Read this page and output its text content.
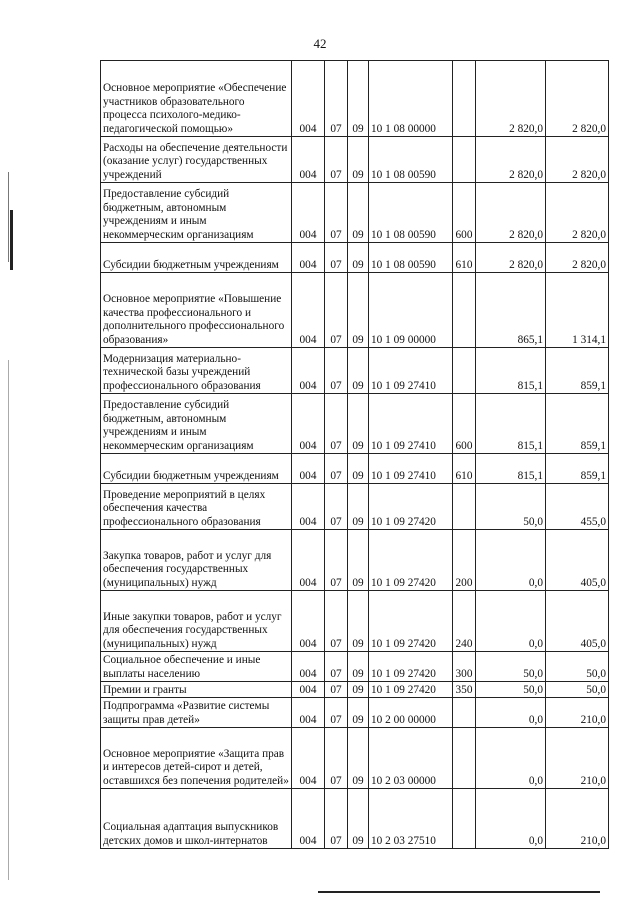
42
Основное мероприятие «Обеспечение участников образовательного процесса психолого-медико-педагогической помощью»	004	07	09	10 1 08 00000		2 820,0	2 820,0
Расходы на обеспечение деятельности (оказание услуг) государственных учреждений	004	07	09	10 1 08 00590		2 820,0	2 820,0
Предоставление субсидий бюджетным, автономным учреждениям и иным некоммерческим организациям	004	07	09	10 1 08 00590	600	2 820,0	2 820,0
Субсидии бюджетным учреждениям	004	07	09	10 1 08 00590	610	2 820,0	2 820,0
Основное мероприятие «Повышение качества профессионального и дополнительного профессионального образования»	004	07	09	10 1 09 00000		865,1	1 314,1
Модернизация материально-технической базы учреждений профессионального образования	004	07	09	10 1 09 27410		815,1	859,1
Предоставление субсидий бюджетным, автономным учреждениям и иным некоммерческим организациям	004	07	09	10 1 09 27410	600	815,1	859,1
Субсидии бюджетным учреждениям	004	07	09	10 1 09 27410	610	815,1	859,1
Проведение мероприятий в целях обеспечения качества профессионального образования	004	07	09	10 1 09 27420		50,0	455,0
Закупка товаров, работ и услуг для обеспечения государственных (муниципальных) нужд	004	07	09	10 1 09 27420	200	0,0	405,0
Иные закупки товаров, работ и услуг для обеспечения государственных (муниципальных) нужд	004	07	09	10 1 09 27420	240	0,0	405,0
Социальное обеспечение и иные выплаты населению	004	07	09	10 1 09 27420	300	50,0	50,0
Премии и гранты	004	07	09	10 1 09 27420	350	50,0	50,0
Подпрограмма «Развитие системы защиты прав детей»	004	07	09	10 2 00 00000		0,0	210,0
Основное мероприятие «Защита прав и интересов детей-сирот и детей, оставшихся без попечения родителей»	004	07	09	10 2 03 00000		0,0	210,0
Социальная адаптация выпускников детских домов и школ-интернатов	004	07	09	10 2 03 27510		0,0	210,0
